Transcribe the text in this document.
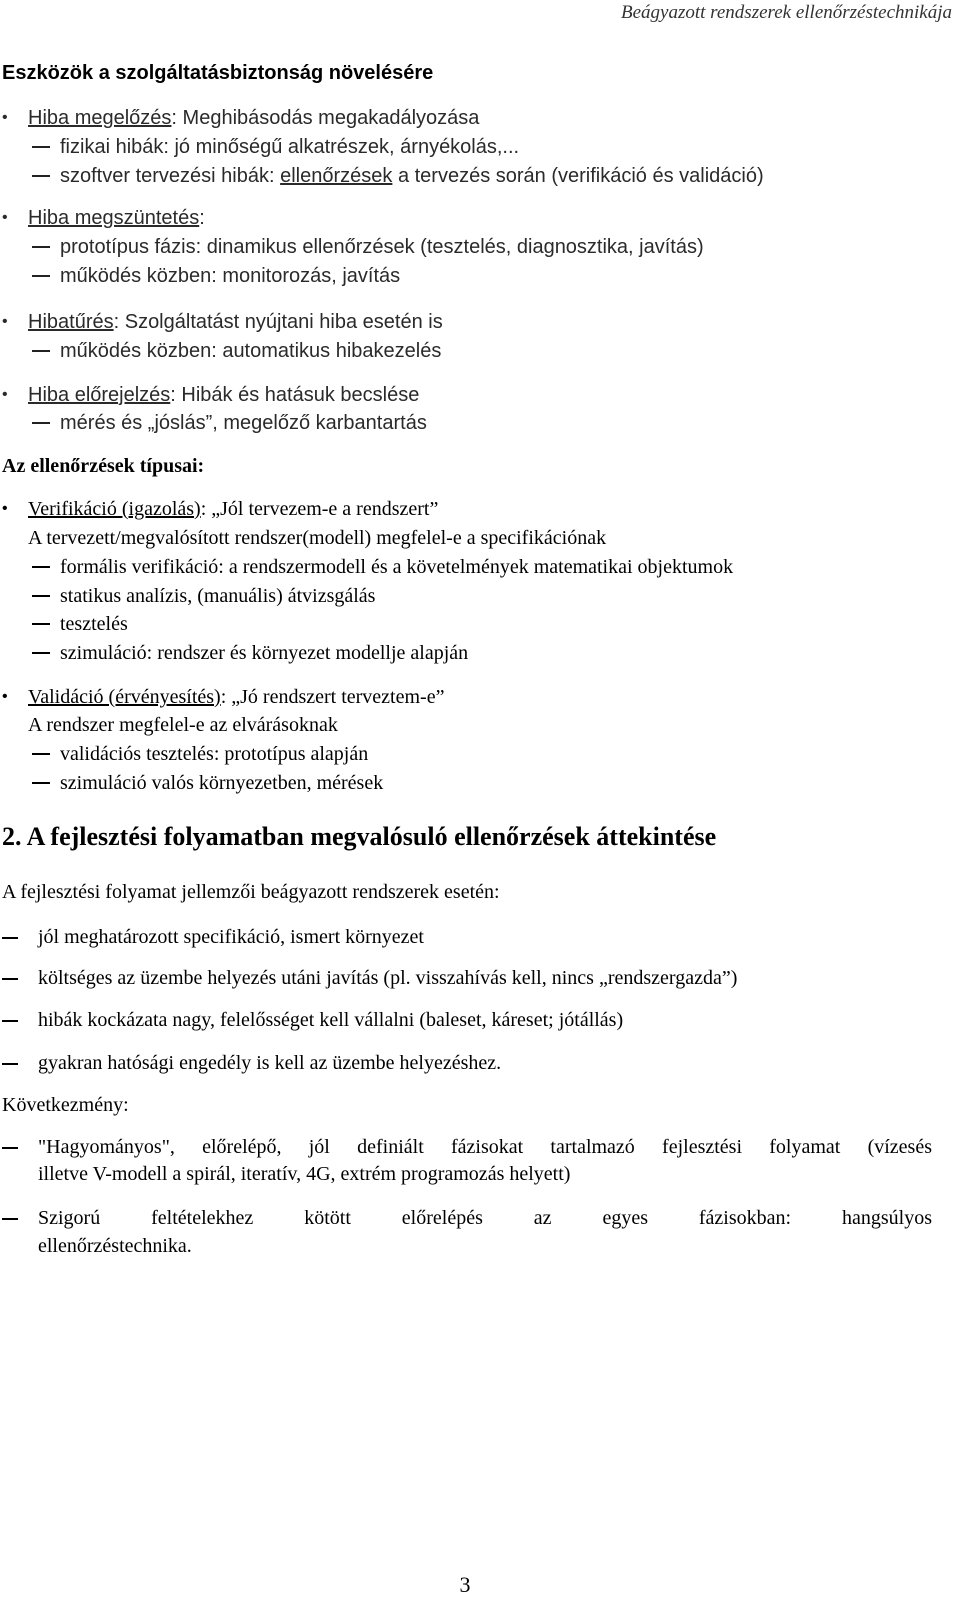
Beágyazott rendszerek ellenőrzéstechnikája
Eszközök a szolgáltatásbiztonság növelésére
• Hiba megelőzés: Meghibásodás megakadályozása
fizikai hibák: jó minőségű alkatrészek, árnyékolás,...
szoftver tervezési hibák: ellenőrzések a tervezés során (verifikáció és validáció)
• Hiba megszüntetés:
prototípus fázis: dinamikus ellenőrzések (tesztelés, diagnosztika, javítás)
működés közben: monitorozás, javítás
• Hibatűrés: Szolgáltatást nyújtani hiba esetén is
működés közben: automatikus hibakezelés
• Hiba előrejelzés: Hibák és hatásuk becslése
mérés és „jóslás”, megelőző karbantartás
Az ellenőrzések típusai:
• Verifikáció (igazolás): „Jól tervezem-e a rendszert”
A tervezett/megvalósított rendszer(modell) megfelel-e a specifikációnak
formális verifikáció: a rendszermodell és a követelmények matematikai objektumok
statikus analízis, (manuális) átvizsgálás
tesztelés
szimuláció: rendszer és környezet modellje alapján
• Validáció (érvényesítés): „Jó rendszert terveztem-e”
A rendszer megfelel-e az elvárásoknak
validációs tesztelés: prototípus alapján
szimuláció valós környezetben, mérések
2. A fejlesztési folyamatban megvalósuló ellenőrzések áttekintése
A fejlesztési folyamat jellemzői beágyazott rendszerek esetén:
jól meghatározott specifikáció, ismert környezet
költséges az üzembe helyezés utáni javítás (pl. visszahívás kell, nincs „rendszergazda”)
hibák kockázata nagy, felelősséget kell vállalni (baleset, káreset; jótállás)
gyakran hatósági engedély is kell az üzembe helyezéshez.
Következmény:
"Hagyományos", előrelépő, jól definiált fázisokat tartalmazó fejlesztési folyamat (vízesés
illetve V-modell a spirál, iteratív, 4G, extrém programozás helyett)
Szigorú feltételekhez kötött előrelépés az egyes fázisokban: hangsúlyos
ellenőrzéstechnika.
3
